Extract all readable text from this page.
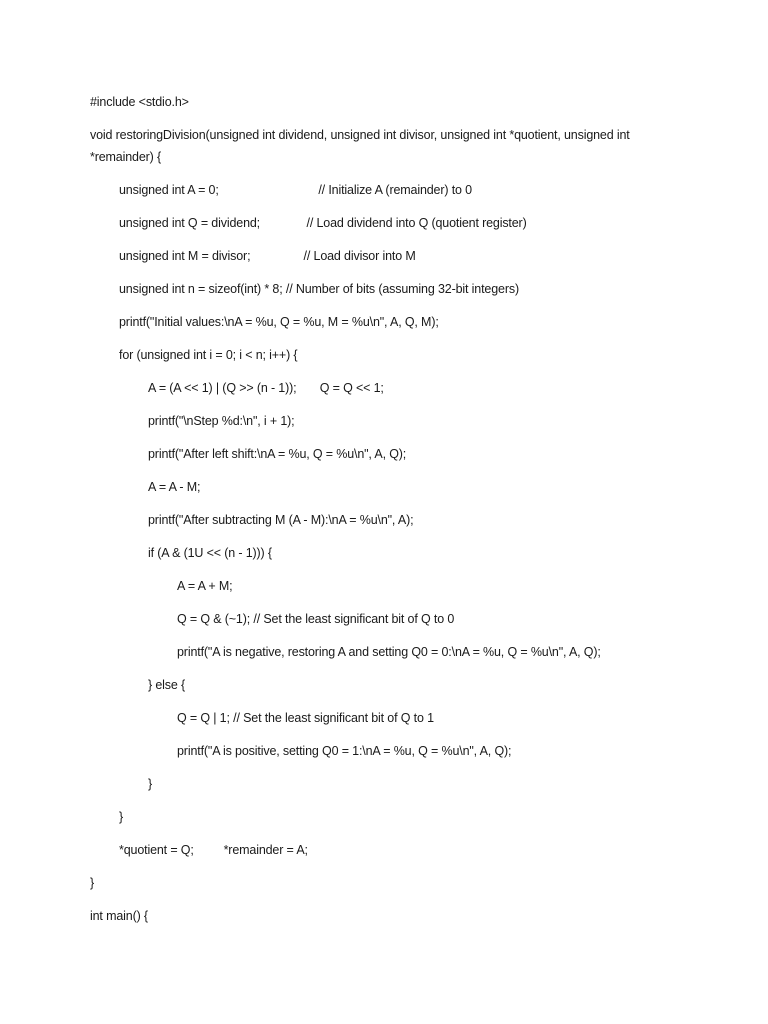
#include <stdio.h>

void restoringDivision(unsigned int dividend, unsigned int divisor, unsigned int *quotient, unsigned int

*remainder) {

unsigned int A = 0;                              // Initialize A (remainder) to 0

unsigned int Q = dividend;              // Load dividend into Q (quotient register)

unsigned int M = divisor;                // Load divisor into M

unsigned int n = sizeof(int) * 8; // Number of bits (assuming 32-bit integers)

printf("Initial values:\nA = %u, Q = %u, M = %u\n", A, Q, M);

for (unsigned int i = 0; i < n; i++) {

A = (A << 1) | (Q >> (n - 1));       Q = Q << 1;

printf("\nStep %d:\n", i + 1);

printf("After left shift:\nA = %u, Q = %u\n", A, Q);

A = A - M;

printf("After subtracting M (A - M):\nA = %u\n", A);

if (A & (1U << (n - 1))) {

A = A + M;

Q = Q & (~1); // Set the least significant bit of Q to 0

printf("A is negative, restoring A and setting Q0 = 0:\nA = %u, Q = %u\n", A, Q);

} else {

Q = Q | 1; // Set the least significant bit of Q to 1

printf("A is positive, setting Q0 = 1:\nA = %u, Q = %u\n", A, Q);

}

}

*quotient = Q;         *remainder = A;

}

int main() {
